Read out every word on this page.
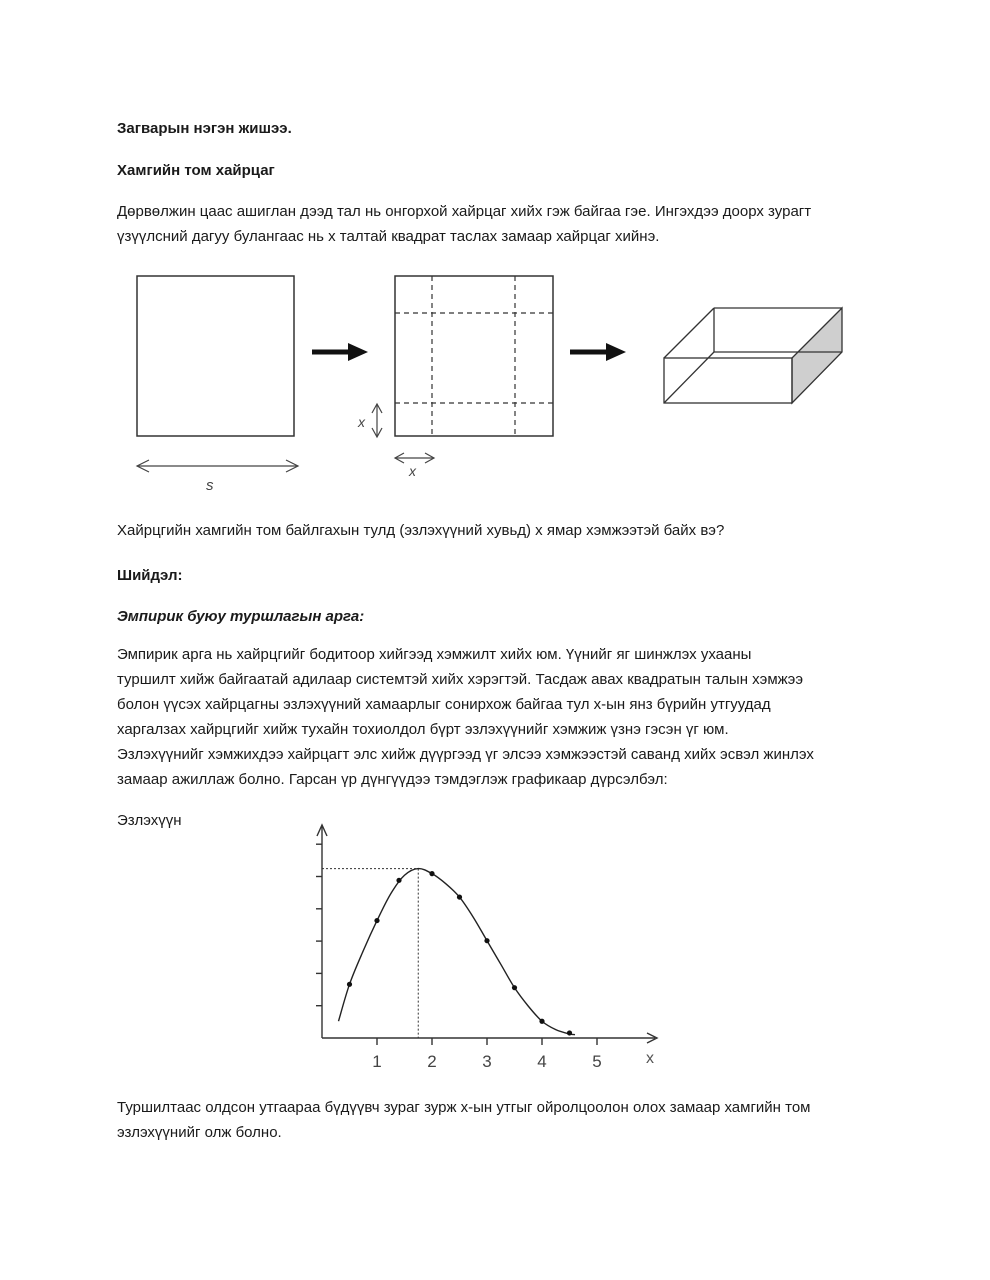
Загварын нэгэн жишээ.
Хамгийн том хайрцаг
Дөрвөлжин цаас ашиглан дээд тал нь онгорхой хайрцаг хийх гэж байгаа гэе. Ингэхдээ доорх зурагт
үзүүлсний дагуу булангаас нь x талтай квадрат таслах замаар хайрцаг хийнэ.
s
x
x
Хайрцгийн хамгийн том байлгахын тулд (эзлэхүүний хувьд) x ямар хэмжээтэй байх вэ?
Шийдэл:
Эмпирик буюу туршлагын арга:
Эмпирик арга нь хайрцгийг бодитоор хийгээд хэмжилт хийх юм. Үүнийг яг шинжлэх ухааны
туршилт хийж байгаатай адилаар системтэй хийх хэрэгтэй. Тасдаж авах квадратын талын хэмжээ
болон үүсэх хайрцагны эзлэхүүний хамаарлыг сонирхож байгаа тул x-ын янз бүрийн утгуудад
харгалзах хайрцгийг хийж тухайн тохиолдол бүрт эзлэхүүнийг хэмжиж үзнэ гэсэн үг юм.
Эзлэхүүнийг хэмжихдээ хайрцагт элс хийж дүүргээд үг элсээ хэмжээстэй саванд хийх эсвэл жинлэх
замаар ажиллаж болно. Гарсан үр дүнгүүдээ тэмдэглэж графикаар дүрсэлбэл:
Эзлэхүүн
1	2	3	4	5	x
Туршилтаас олдсон утгаараа бүдүүвч зураг зурж x-ын утгыг ойролцоолон олох замаар хамгийн том
эзлэхүүнийг олж болно.
